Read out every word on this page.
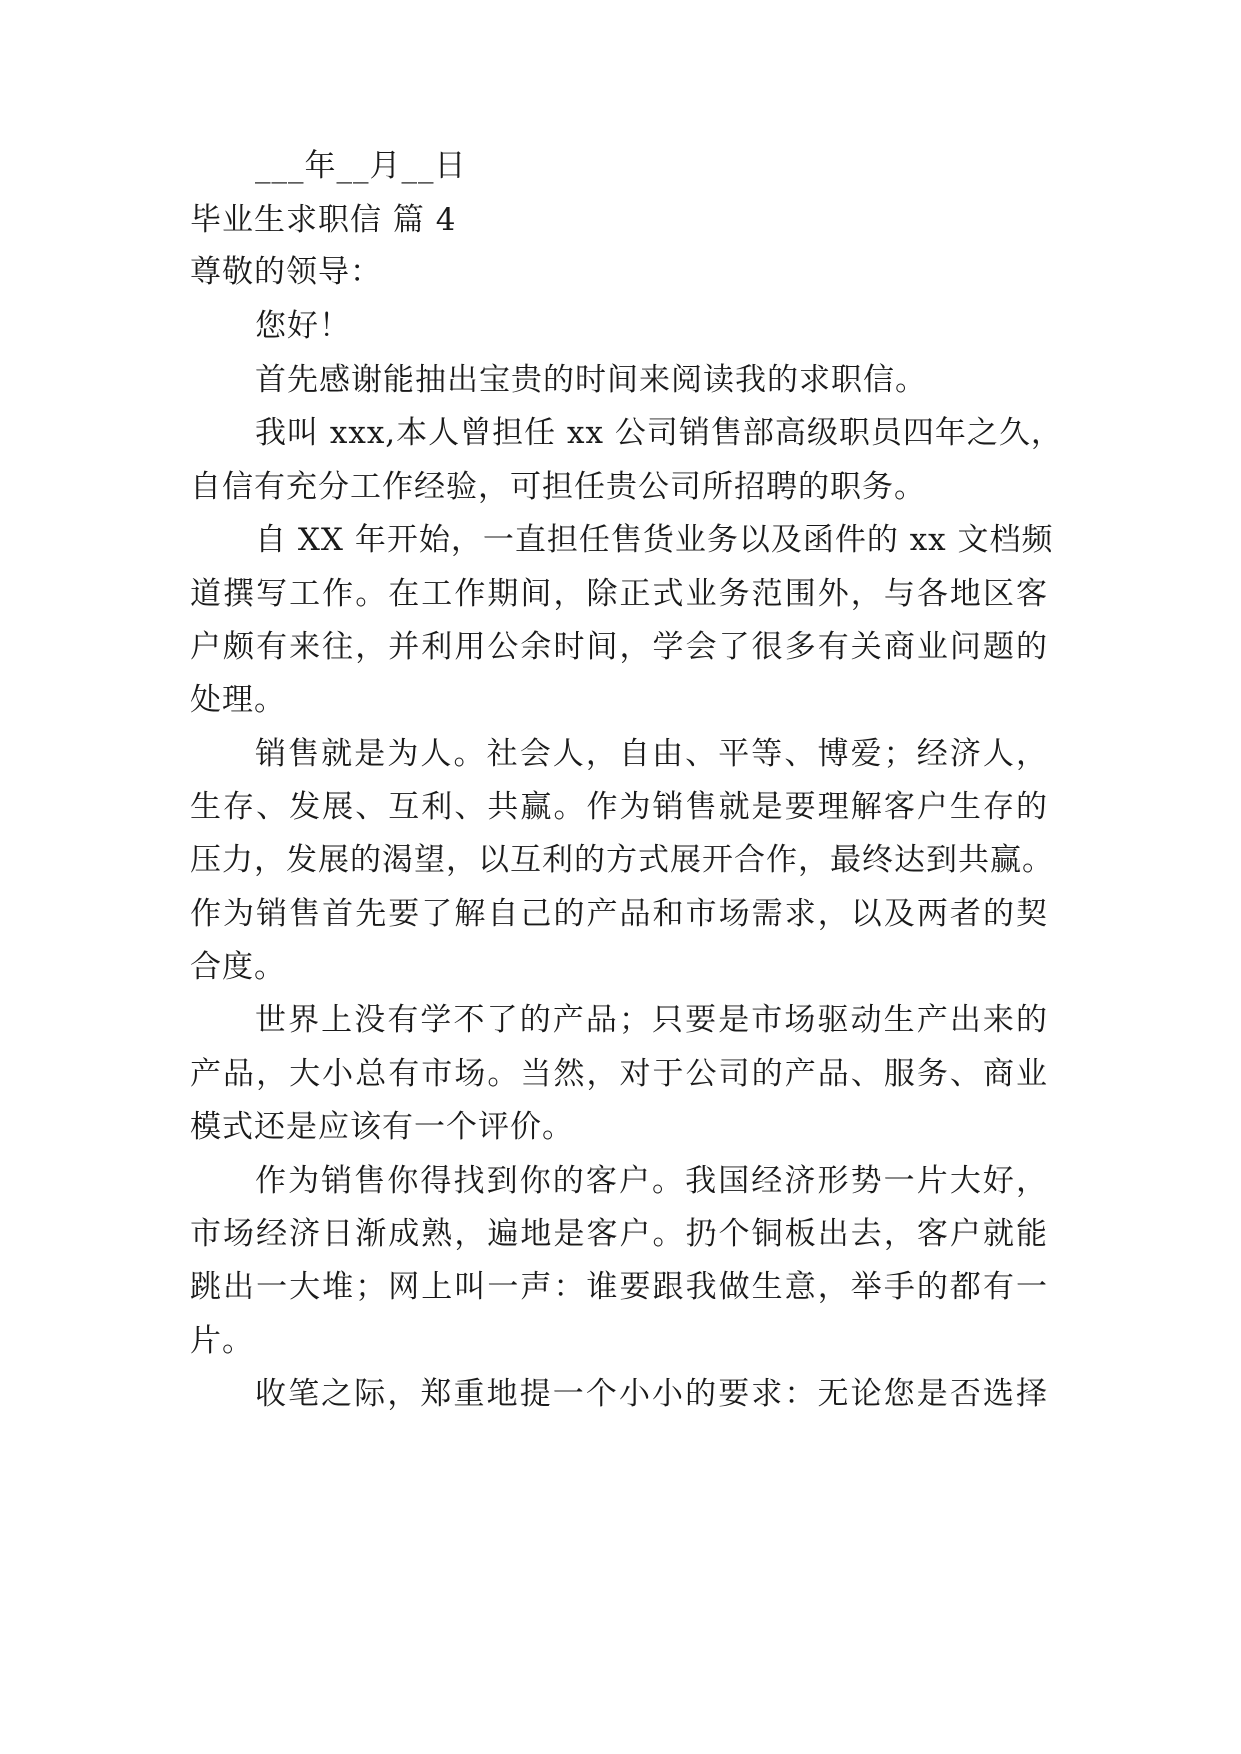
___年__月__日
毕业生求职信 篇 4
尊敬的领导：
您好！
首先感谢能抽出宝贵的时间来阅读我的求职信。
我叫 xxx,本人曾担任 xx 公司销售部高级职员四年之久，
自信有充分工作经验，可担任贵公司所招聘的职务。
自 XX 年开始，一直担任售货业务以及函件的 xx 文档频
道撰写工作。在工作期间，除正式业务范围外，与各地区客
户颇有来往，并利用公余时间，学会了很多有关商业问题的
处理。
销售就是为人。社会人，自由、平等、博爱；经济人，
生存、发展、互利、共赢。作为销售就是要理解客户生存的
压力，发展的渴望，以互利的方式展开合作，最终达到共赢。
作为销售首先要了解自己的产品和市场需求，以及两者的契
合度。
世界上没有学不了的产品；只要是市场驱动生产出来的
产品，大小总有市场。当然，对于公司的产品、服务、商业
模式还是应该有一个评价。
作为销售你得找到你的客户。我国经济形势一片大好，
市场经济日渐成熟，遍地是客户。扔个铜板出去，客户就能
跳出一大堆；网上叫一声：谁要跟我做生意，举手的都有一
片。
收笔之际，郑重地提一个小小的要求：无论您是否选择
